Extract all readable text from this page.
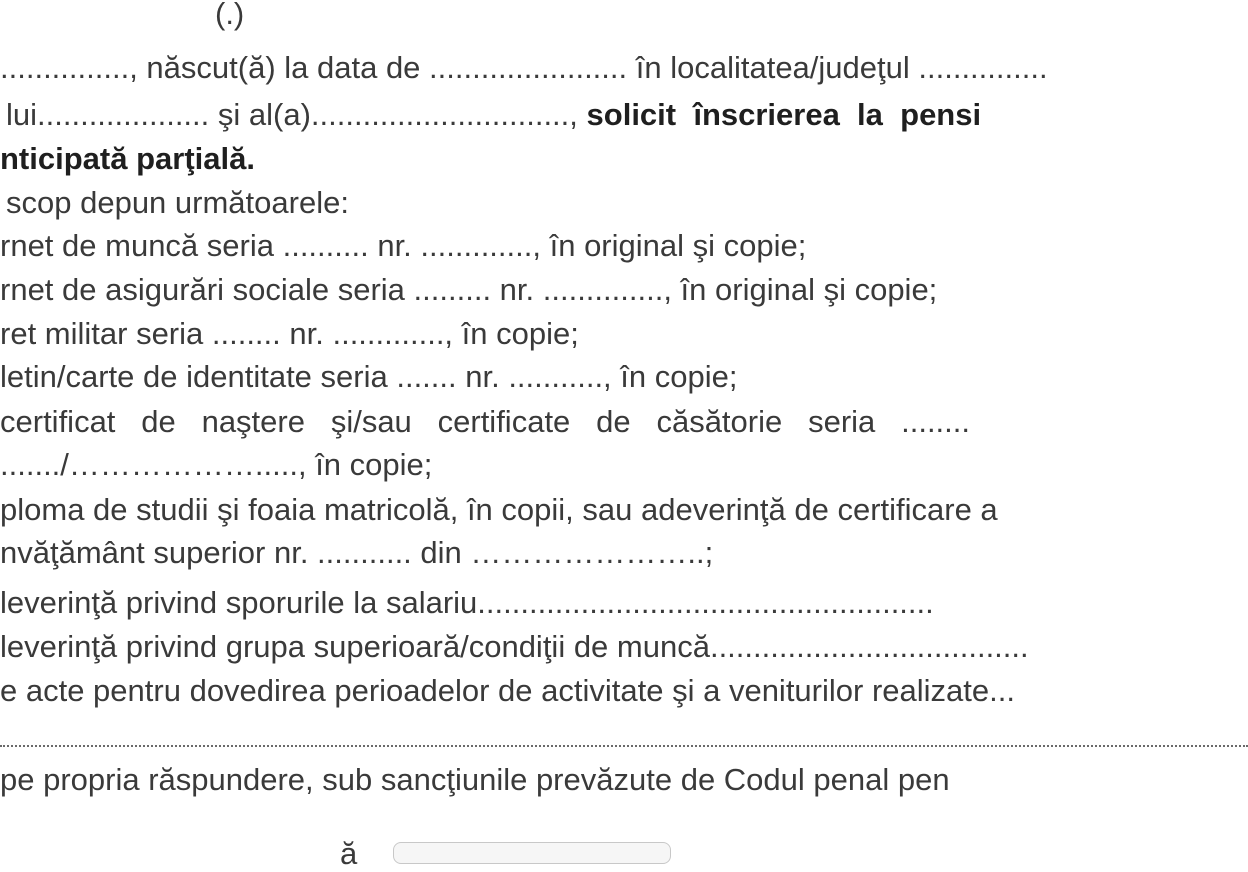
(.)
..............., născut(ă) la data de ....................... în localitatea/judeţul ...............
lui.................... şi al(a).............................., solicit  înscrierea  la  pensi
nticipată parţială.
scop depun următoarele:
rnet de muncă seria .......... nr. ............., în original şi copie;
rnet de asigurări sociale seria ......... nr. .............., în original şi copie;
ret militar seria ........ nr. ............., în copie;
letin/carte de identitate seria ....... nr. ..........., în copie;
certificat   de   naştere   şi/sau   certificate   de   căsătorie   seria   ........
......./………………....., în copie;
ploma de studii şi foaia matricolă, în copii, sau adeverinţă de certificare a
nvăţământ superior nr. ........... din …………………..;
leverinţă privind sporurile la salariu.....................................................
leverinţă privind grupa superioară/condiţii de muncă.....................................
e acte pentru dovedirea perioadelor de activitate şi a veniturilor realizate...
pe propria răspundere, sub sancţiunile prevăzute de Codul penal pen
ă
